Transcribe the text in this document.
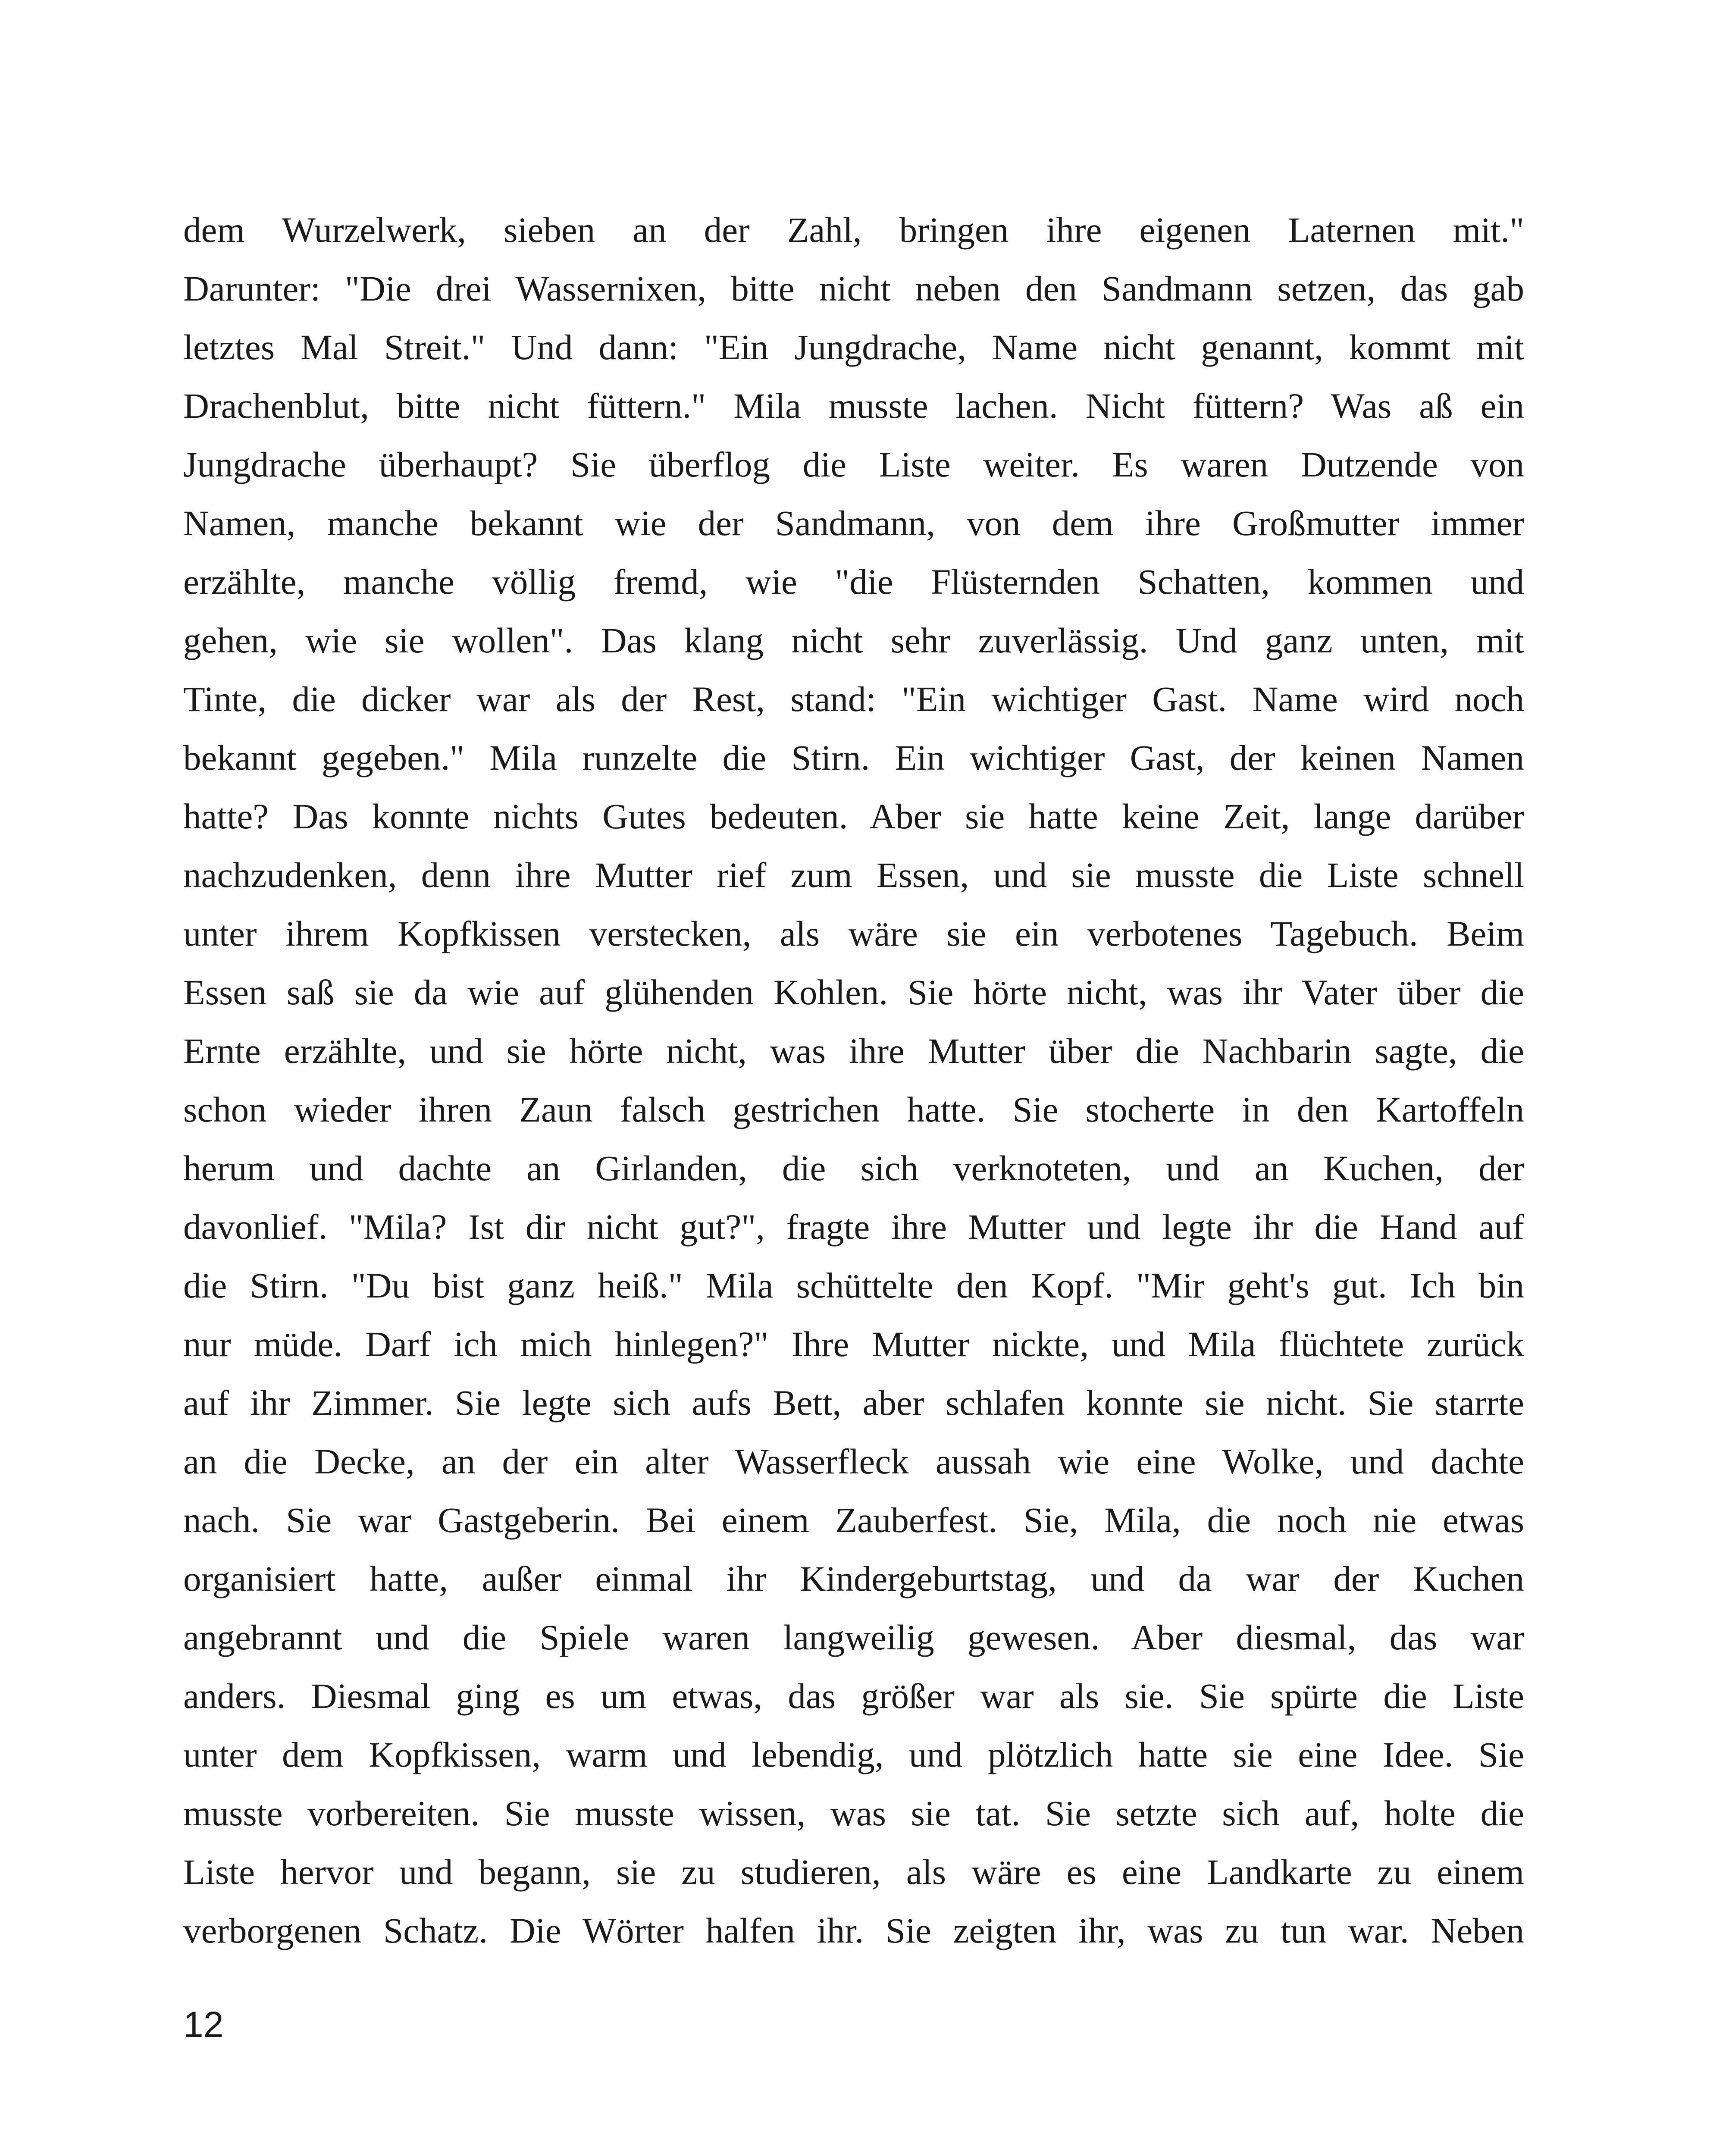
dem Wurzelwerk, sieben an der Zahl, bringen ihre eigenen Laternen mit."
Darunter: "Die drei Wassernixen, bitte nicht neben den Sandmann setzen, das gab
letztes Mal Streit." Und dann: "Ein Jungdrache, Name nicht genannt, kommt mit
Drachenblut, bitte nicht füttern." Mila musste lachen. Nicht füttern? Was aß ein
Jungdrache überhaupt? Sie überflog die Liste weiter. Es waren Dutzende von
Namen, manche bekannt wie der Sandmann, von dem ihre Großmutter immer
erzählte, manche völlig fremd, wie "die Flüsternden Schatten, kommen und
gehen, wie sie wollen". Das klang nicht sehr zuverlässig. Und ganz unten, mit
Tinte, die dicker war als der Rest, stand: "Ein wichtiger Gast. Name wird noch
bekannt gegeben." Mila runzelte die Stirn. Ein wichtiger Gast, der keinen Namen
hatte? Das konnte nichts Gutes bedeuten. Aber sie hatte keine Zeit, lange darüber
nachzudenken, denn ihre Mutter rief zum Essen, und sie musste die Liste schnell
unter ihrem Kopfkissen verstecken, als wäre sie ein verbotenes Tagebuch. Beim
Essen saß sie da wie auf glühenden Kohlen. Sie hörte nicht, was ihr Vater über die
Ernte erzählte, und sie hörte nicht, was ihre Mutter über die Nachbarin sagte, die
schon wieder ihren Zaun falsch gestrichen hatte. Sie stocherte in den Kartoffeln
herum und dachte an Girlanden, die sich verknoteten, und an Kuchen, der
davonlief. "Mila? Ist dir nicht gut?", fragte ihre Mutter und legte ihr die Hand auf
die Stirn. "Du bist ganz heiß." Mila schüttelte den Kopf. "Mir geht's gut. Ich bin
nur müde. Darf ich mich hinlegen?" Ihre Mutter nickte, und Mila flüchtete zurück
auf ihr Zimmer. Sie legte sich aufs Bett, aber schlafen konnte sie nicht. Sie starrte
an die Decke, an der ein alter Wasserfleck aussah wie eine Wolke, und dachte
nach. Sie war Gastgeberin. Bei einem Zauberfest. Sie, Mila, die noch nie etwas
organisiert hatte, außer einmal ihr Kindergeburtstag, und da war der Kuchen
angebrannt und die Spiele waren langweilig gewesen. Aber diesmal, das war
anders. Diesmal ging es um etwas, das größer war als sie. Sie spürte die Liste
unter dem Kopfkissen, warm und lebendig, und plötzlich hatte sie eine Idee. Sie
musste vorbereiten. Sie musste wissen, was sie tat. Sie setzte sich auf, holte die
Liste hervor und begann, sie zu studieren, als wäre es eine Landkarte zu einem
verborgenen Schatz. Die Wörter halfen ihr. Sie zeigten ihr, was zu tun war. Neben
12
